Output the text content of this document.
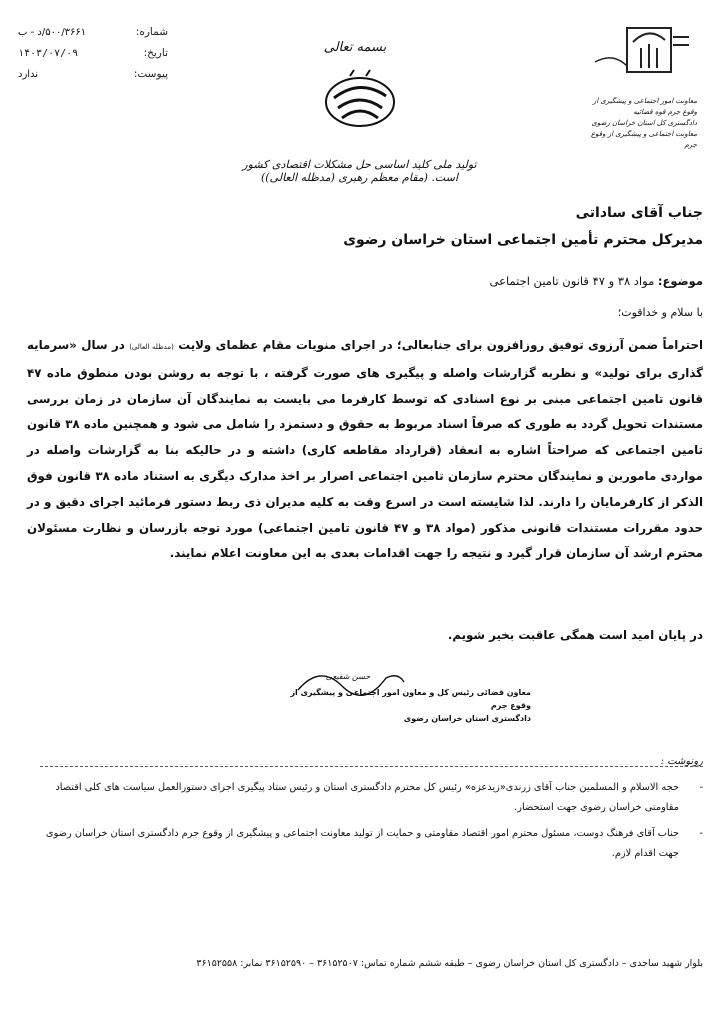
شماره:
۵۰۰/۳۶۶۱/د - ب
تاریخ:
۱۴۰۳/۰۷/۰۹
پیوست:
ندارد
بسمه تعالی
تولید ملی کلید اساسی حل مشکلات اقتصادی کشور است. (مقام معظم رهبری (مدظله العالی))
معاونت امور اجتماعی و پیشگیری از وقوع جرم قوه قضائیه
دادگستری کل استان خراسان رضوی
معاونت اجتماعی و پیشگیری از وقوع جرم
جناب آقای ساداتی
مدیرکل محترم تأمین اجتماعی استان خراسان رضوی
موضوع: مواد ۳۸ و ۴۷ قانون تامین اجتماعی
با سلام و خداقوت؛
احتراماً ضمن آرزوی توفیق روزافزون برای جنابعالی؛ در اجرای منویات مقام عظمای ولایت (مدظله العالی) در سال «سرمایه گذاری برای تولید» و نظربه گزارشات واصله و پیگیری های صورت گرفته ، با توجه به روشن بودن منطوق ماده ۴۷ قانون تامین اجتماعی مبنی بر نوع اسنادی که توسط کارفرما می بایست به نمایندگان آن سازمان در زمان بررسی مستندات تحویل گردد به طوری که صرفاً اسناد مربوط به حقوق و دستمزد را شامل می شود و همچنین ماده ۳۸ قانون تامین اجتماعی که صراحتاً اشاره به انعقاد (قرارداد مقاطعه کاری) داشته و در حالیکه بنا به گزارشات واصله در مواردی ماموربن و نمایندگان محترم سازمان تامین اجتماعی اصرار بر اخذ مدارک دیگری به استناد ماده ۳۸ قانون فوق الذکر از کارفرمایان را دارند. لذا شایسته است در اسرع وقت به کلیه مدیران ذی ربط دستور فرمائید اجرای دقیق و در حدود مقررات مستندات قانونی مذکور (مواد ۳۸ و ۴۷ قانون تامین اجتماعی) مورد توجه بازرسان و نظارت مسئولان محترم ارشد آن سازمان قرار گیرد و نتیجه را جهت اقدامات بعدی به این معاونت اعلام نمایند.
در پایان امید است همگی عاقبت بخیر شویم.
حسن شفیعی
معاون قضائی رئیس کل و معاون امور اجتماعی و پیشگیری از وقوع جرم
دادگستری استان خراسان رضوی
رونوشت :
-
حجه الاسلام و المسلمین جناب آقای زرندی«زیدعزه» رئیس کل محترم دادگستری استان و رئیس ستاد پیگیری اجرای دستورالعمل سیاست های کلی اقتصاد مقاومتی خراسان رضوی جهت استحضار.
-
جناب آقای فرهنگ دوست، مسئول محترم امور اقتصاد مقاومتی و حمایت از تولید معاونت اجتماعی و پیشگیری از وقوع جرم دادگستری استان خراسان رضوی جهت اقدام لازم.
بلوار شهید ساجدی – دادگستری کل استان خراسان رضوی – طبقه ششم شماره تماس: ۳۶۱۵۲۵۰۷ – ۳۶۱۵۲۵۹۰ نمابر: ۳۶۱۵۲۵۵۸
